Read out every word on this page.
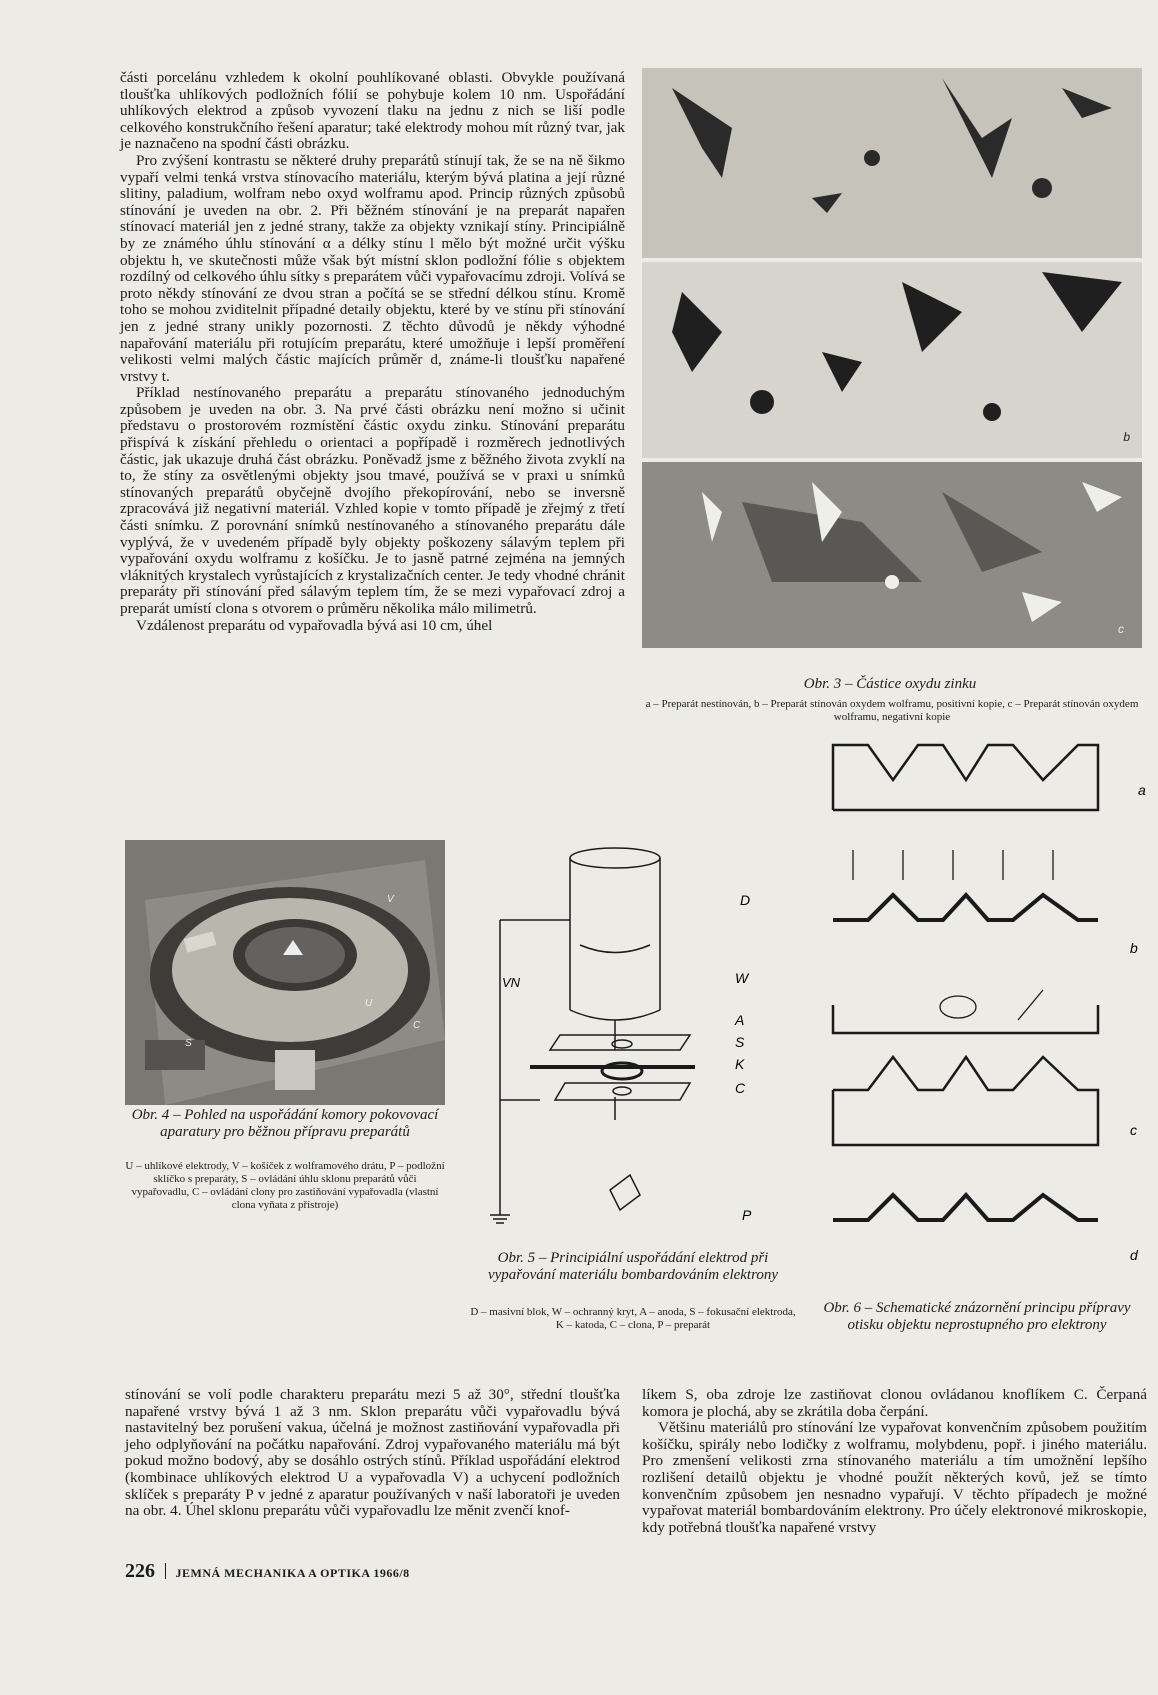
části porcelánu vzhledem k okolní pouhlíkované oblasti. Obvykle používaná tloušťka uhlíkových podložních fólií se pohybuje kolem 10 nm. Uspořádání uhlíkových elektrod a způsob vyvození tlaku na jednu z nich se liší podle celkového konstrukčního řešení aparatur; také elektrody mohou mít různý tvar, jak je naznačeno na spodní části obrázku.

Pro zvýšení kontrastu se některé druhy preparátů stínují tak, že se na ně šikmo vypaří velmi tenká vrstva stínovacího materiálu, kterým bývá platina a její různé slitiny, paladium, wolfram nebo oxyd wolframu apod. Princip různých způsobů stínování je uveden na obr. 2. Při běžném stínování je na preparát napařen stínovací materiál jen z jedné strany, takže za objekty vznikají stíny. Principiálně by ze známého úhlu stínování α a délky stínu l mělo být možné určit výšku objektu h, ve skutečnosti může však být místní sklon podložní fólie s objektem rozdílný od celkového úhlu sítky s preparátem vůči vypařovacímu zdroji. Volívá se proto někdy stínování ze dvou stran a počítá se se střední délkou stínu. Kromě toho se mohou zviditelnit případné detaily objektu, které by ve stínu při stínování jen z jedné strany unikly pozornosti. Z těchto důvodů je někdy výhodné napařování materiálu při rotujícím preparátu, které umožňuje i lepší proměření velikosti velmi malých částic majících průměr d, známe-li tloušťku napařené vrstvy t.

Příklad nestínovaného preparátu a preparátu stínovaného jednoduchým způsobem je uveden na obr. 3. Na prvé části obrázku není možno si učinit představu o prostorovém rozmístění částic oxydu zinku. Stínování preparátu přispívá k získání přehledu o orientaci a popřípadě i rozměrech jednotlivých částic, jak ukazuje druhá část obrázku. Poněvadž jsme z běžného života zvyklí na to, že stíny za osvětlenými objekty jsou tmavé, používá se v praxi u snímků stínovaných preparátů obyčejně dvojího překopírování, nebo se inversně zpracovává již negativní materiál. Vzhled kopie v tomto případě je zřejmý z třetí části snímku. Z porovnání snímků nestínovaného a stínovaného preparátu dále vyplývá, že v uvedeném případě byly objekty poškozeny sálavým teplem při vypařování oxydu wolframu z košíčku. Je to jasně patrné zejména na jemných vláknitých krystalech vyrůstajících z krystalizačních center. Je tedy vhodné chránit preparáty při stínování před sálavým teplem tím, že se mezi vypařovací zdroj a preparát umístí clona s otvorem o průměru několika málo milimetrů.

Vzdálenost preparátu od vypařovadla bývá asi 10 cm, úhel

b
c
Obr. 3 – Částice oxydu zinku
a – Preparát nestínován, b – Preparát stínován oxydem wolframu, positivní kopie, c – Preparát stínován oxydem wolframu, negativní kopie
a
b
c
d
Obr. 6 – Schematické znázornění principu přípravy otisku objektu neprostupného pro elektrony
V
U
C
S
Obr. 4 – Pohled na uspořádání komory pokovovací aparatury pro běžnou přípravu preparátů
U – uhlíkové elektrody, V – košíček z wolframového drátu, P – podložní sklíčko s preparáty, S – ovládání úhlu sklonu preparátů vůči vypařovadlu, C – ovládání clony pro zastiňování vypařovadla (vlastní clona vyňata z přístroje)
VN
D
W
A
S
K
C
P
Obr. 5 – Principiální uspořádání elektrod při vypařování materiálu bombardováním elektrony
D – masivní blok, W – ochranný kryt, A – anoda, S – fokusační elektroda, K – katoda, C – clona, P – preparát

stínování se volí podle charakteru preparátu mezi 5 až 30°, střední tloušťka napařené vrstvy bývá 1 až 3 nm. Sklon preparátu vůči vypařovadlu bývá nastavitelný bez porušení vakua, účelná je možnost zastiňování vypařovadla při jeho odplyňování na počátku napařování. Zdroj vypařovaného materiálu má být pokud možno bodový, aby se dosáhlo ostrých stínů. Příklad uspořádání elektrod (kombinace uhlíkových elektrod U a vypařovadla V) a uchycení podložních sklíček s preparáty P v jedné z aparatur používaných v naší laboratoři je uveden na obr. 4. Úhel sklonu preparátu vůči vypařovadlu lze měnit zvenčí knof-

líkem S, oba zdroje lze zastiňovat clonou ovládanou knoflíkem C. Čerpaná komora je plochá, aby se zkrátila doba čerpání.

Většinu materiálů pro stínování lze vypařovat konvenčním způsobem použitím košíčku, spirály nebo lodičky z wolframu, molybdenu, popř. i jiného materiálu. Pro zmenšení velikosti zrna stínovaného materiálu a tím umožnění lepšího rozlišení detailů objektu je vhodné použít některých kovů, jež se tímto konvenčním způsobem jen nesnadno vypařují. V těchto případech je možné vypařovat materiál bombardováním elektrony. Pro účely elektronové mikroskopie, kdy potřebná tloušťka napařené vrstvy

226 JEMNÁ MECHANIKA A OPTIKA 1966/8
